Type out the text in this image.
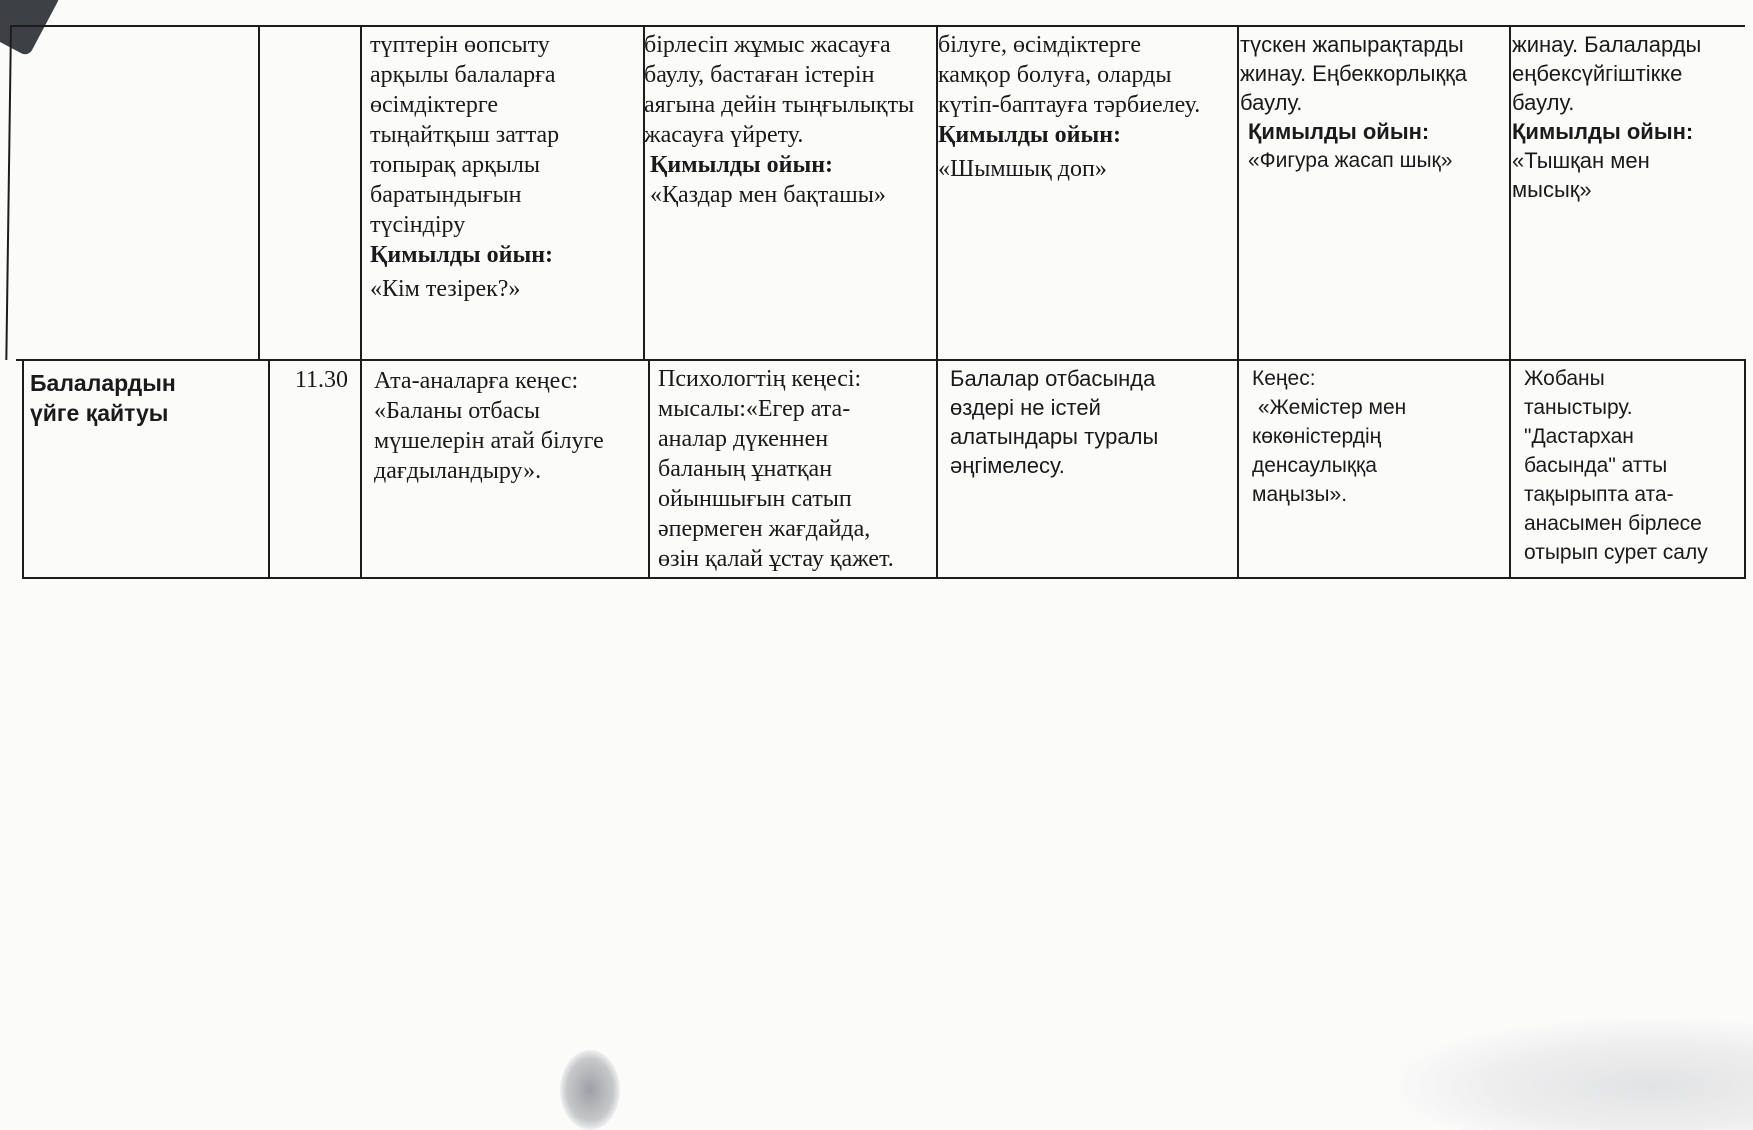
түптерін өопсыту
арқылы балаларға
өсімдіктерге
тыңайтқыш заттар
топырақ арқылы
баратындығын
түсіндіру
Қимылды ойын:
«Кім тезірек?»
бірлесіп жұмыс жасауға
баулу, бастаған істерін
аягына дейін тыңғылықты
жасауға үйрету.
Қимылды ойын:
«Қаздар мен бақташы»
білуге, өсімдіктерге
камқор болуға, оларды
күтіп-баптауға тәрбиелеу.
Қимылды ойын:
«Шымшық доп»
түскен жапырақтарды
жинау. Еңбеккорлыққа
баулу.
Қимылды ойын:
«Фигура жасап шық»
жинау. Балаларды
еңбексүйгіштікке
баулу.
Қимылды ойын:
«Тышқан мен
мысық»
Балалардын
үйге қайтуы
11.30 Ата-аналарға кеңес:
«Баланы отбасы
мүшелерін атай білуге
дағдыландыру».
Психологтің кеңесі:
мысалы:«Егер ата-
аналар дүкеннен
баланың ұнатқан
ойыншығын сатып
әпермеген жағдайда,
өзін қалай ұстау қажет.
Балалар отбасында
өздері не істей
алатындары туралы
әңгімелесу.
Кеңес:
«Жемістер мен
көкөністердің
денсаулыққа
маңызы».
Жобаны
таныстыру.
"Дастархан
басында" атты
тақырыпта ата-
анасымен бірлесе
отырып сурет салу
